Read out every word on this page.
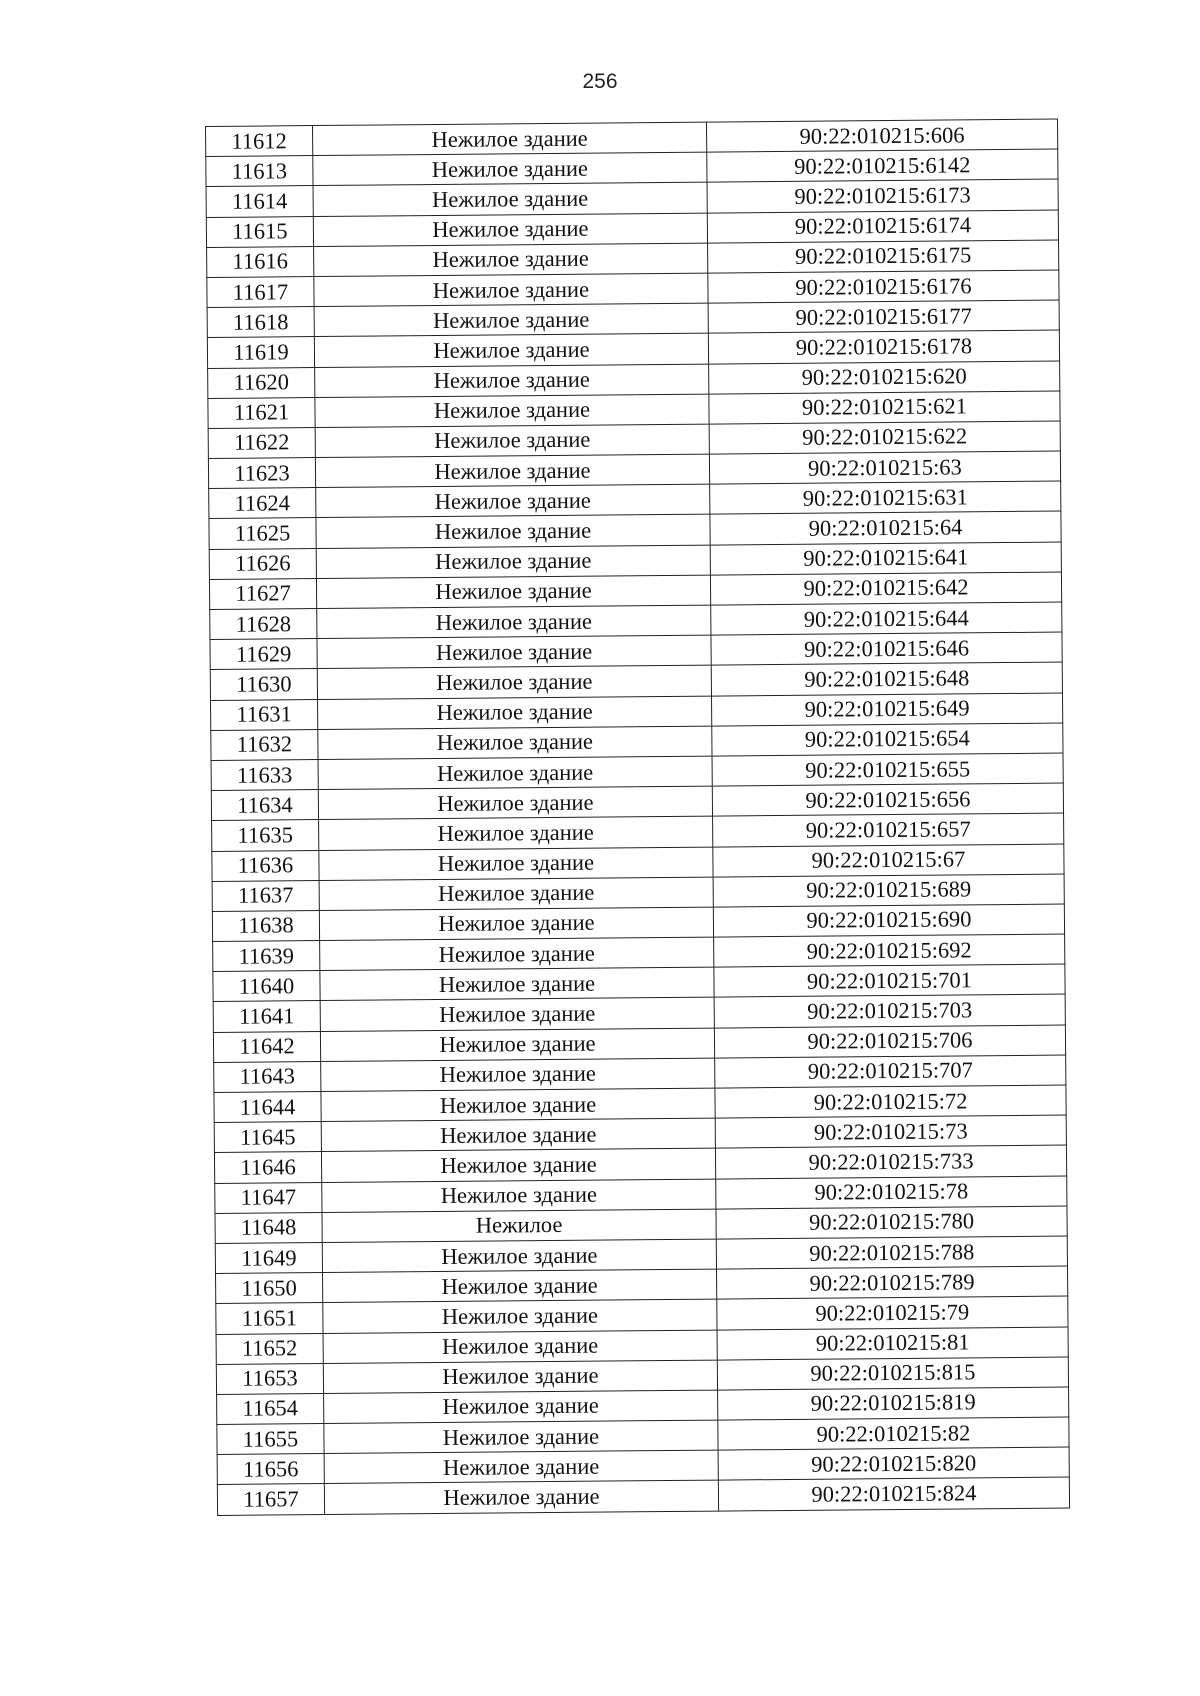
256
11612	Нежилое здание	90:22:010215:606
11613	Нежилое здание	90:22:010215:6142
11614	Нежилое здание	90:22:010215:6173
11615	Нежилое здание	90:22:010215:6174
11616	Нежилое здание	90:22:010215:6175
11617	Нежилое здание	90:22:010215:6176
11618	Нежилое здание	90:22:010215:6177
11619	Нежилое здание	90:22:010215:6178
11620	Нежилое здание	90:22:010215:620
11621	Нежилое здание	90:22:010215:621
11622	Нежилое здание	90:22:010215:622
11623	Нежилое здание	90:22:010215:63
11624	Нежилое здание	90:22:010215:631
11625	Нежилое здание	90:22:010215:64
11626	Нежилое здание	90:22:010215:641
11627	Нежилое здание	90:22:010215:642
11628	Нежилое здание	90:22:010215:644
11629	Нежилое здание	90:22:010215:646
11630	Нежилое здание	90:22:010215:648
11631	Нежилое здание	90:22:010215:649
11632	Нежилое здание	90:22:010215:654
11633	Нежилое здание	90:22:010215:655
11634	Нежилое здание	90:22:010215:656
11635	Нежилое здание	90:22:010215:657
11636	Нежилое здание	90:22:010215:67
11637	Нежилое здание	90:22:010215:689
11638	Нежилое здание	90:22:010215:690
11639	Нежилое здание	90:22:010215:692
11640	Нежилое здание	90:22:010215:701
11641	Нежилое здание	90:22:010215:703
11642	Нежилое здание	90:22:010215:706
11643	Нежилое здание	90:22:010215:707
11644	Нежилое здание	90:22:010215:72
11645	Нежилое здание	90:22:010215:73
11646	Нежилое здание	90:22:010215:733
11647	Нежилое здание	90:22:010215:78
11648	Нежилое	90:22:010215:780
11649	Нежилое здание	90:22:010215:788
11650	Нежилое здание	90:22:010215:789
11651	Нежилое здание	90:22:010215:79
11652	Нежилое здание	90:22:010215:81
11653	Нежилое здание	90:22:010215:815
11654	Нежилое здание	90:22:010215:819
11655	Нежилое здание	90:22:010215:82
11656	Нежилое здание	90:22:010215:820
11657	Нежилое здание	90:22:010215:824
